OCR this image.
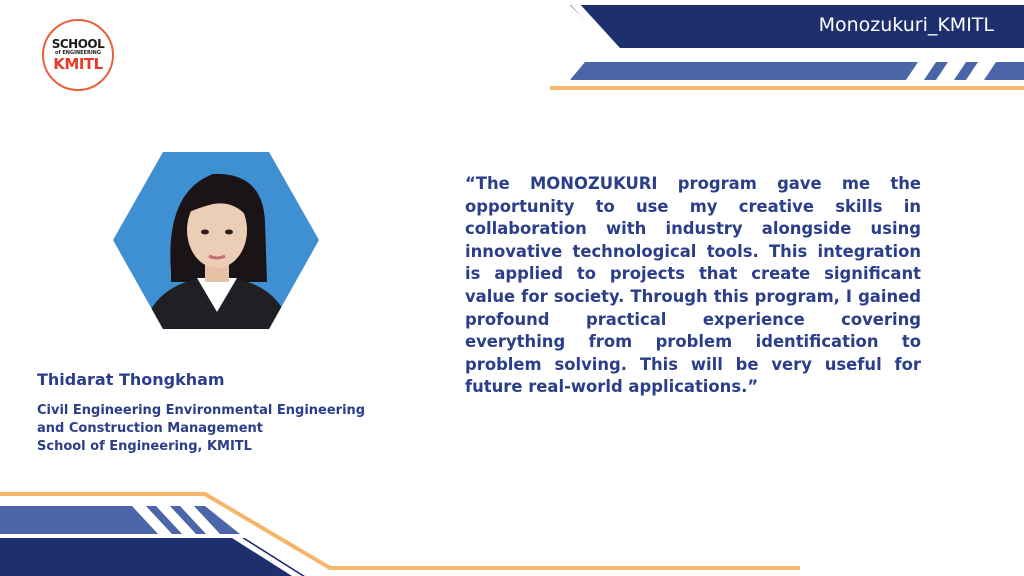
SCHOOL
of ENGINEERING
KMITL
Monozukuri_KMITL
Thidarat Thongkham
Civil Engineering Environmental Engineering
and Construction Management
School of Engineering, KMITL
“The MONOZUKURI program gave me the opportunity to use my creative skills in collaboration with industry alongside using innovative technological tools. This integration is applied to projects that create significant value for society. Through this program, I gained profound practical experience covering everything from problem identification to problem solving. This will be very useful for future real-world applications.”
